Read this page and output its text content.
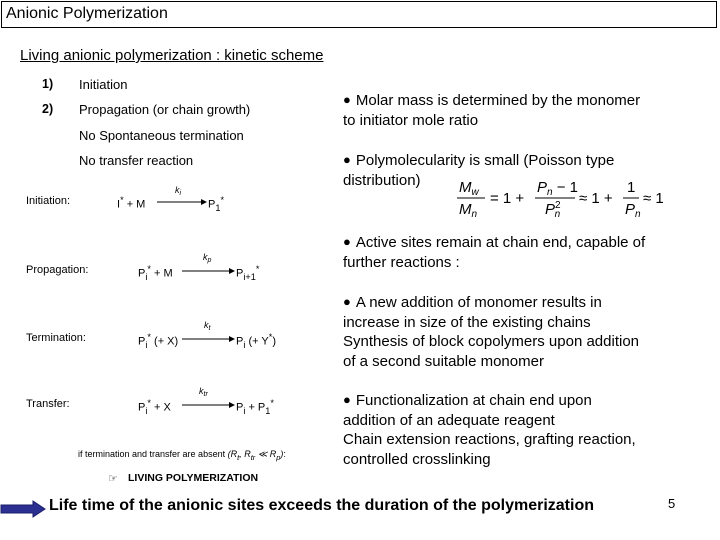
Anionic Polymerization
Living anionic polymerization : kinetic scheme
1) Initiation
2) Propagation (or chain growth)
No Spontaneous termination
No transfer reaction
Initiation:	I* + M	$P_1^*$
Propagation:	$P_i^* + M$	$P_{i+1}^*$
Termination:	$P_i^*$ (+ X)	$P_i$ (+ Y*)
Transfer:	$P_i^* + X$	$P_i + P_1^*$
$k_i$
$k_p$
$k_t$
$k_{tr}$
if termination and transfer are absent ($R_t$, $R_{tr}$ ≪ $R_p$):
☞ LIVING POLYMERIZATION
● Molar mass is determined by the monomer
to initiator mole ratio
● Polymolecularity is small (Poisson type
distribution)	$M_w$
$M_n$
= 1 +
$P_n - 1$
$P^2$ n
≈ 1 +
1
$P_n$
≈ 1
● Active sites remain at chain end, capable of
further reactions :
● A new addition of monomer results in
increase in size of the existing chains
Synthesis of block copolymers upon addition
of a second suitable monomer
● Functionalization at chain end upon
addition of an adequate reagent
Chain extension reactions, grafting reaction,
controlled crosslinking
Life time of the anionic sites exceeds the duration of the polymerization	5
